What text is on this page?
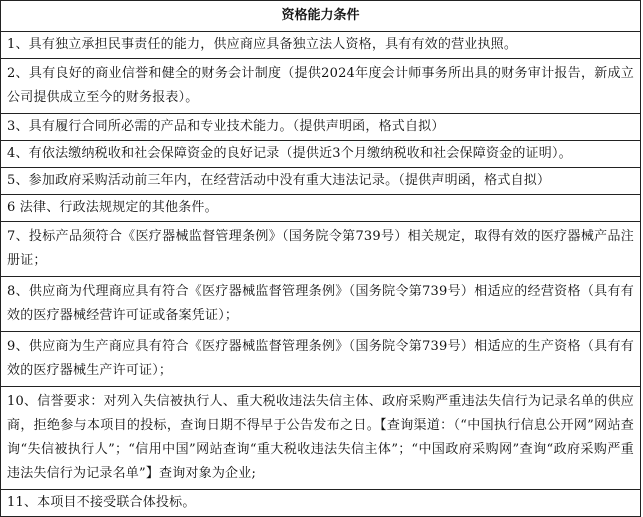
资格能力条件

1、具有独立承担民事责任的能力，供应商应具备独立法人资格，具有有效的营业执照。

2、具有良好的商业信誉和健全的财务会计制度（提供2024年度会计师事务所出具的财务审计报告，新成立公司提供成立至今的财务报表）。

3、具有履行合同所必需的产品和专业技术能力。（提供声明函，格式自拟）

4、有依法缴纳税收和社会保障资金的良好记录（提供近3个月缴纳税收和社会保障资金的证明）。

5、参加政府采购活动前三年内，在经营活动中没有重大违法记录。（提供声明函，格式自拟）

6 法律、行政法规规定的其他条件。

7、投标产品须符合《医疗器械监督管理条例》（国务院令第739号）相关规定，取得有效的医疗器械产品注册证；

8、供应商为代理商应具有符合《医疗器械监督管理条例》（国务院令第739号）相适应的经营资格（具有有效的医疗器械经营许可证或备案凭证）；

9、供应商为生产商应具有符合《医疗器械监督管理条例》（国务院令第739号）相适应的生产资格（具有有效的医疗器械生产许可证）；

10、信誉要求：对列入失信被执行人、重大税收违法失信主体、政府采购严重违法失信行为记录名单的供应商，拒绝参与本项目的投标，查询日期不得早于公告发布之日。【查询渠道：（“中国执行信息公开网”网站查询“失信被执行人”；“信用中国”网站查询“重大税收违法失信主体”；“中国政府采购网”查询“政府采购严重违法失信行为记录名单”】查询对象为企业;

11、本项目不接受联合体投标。
